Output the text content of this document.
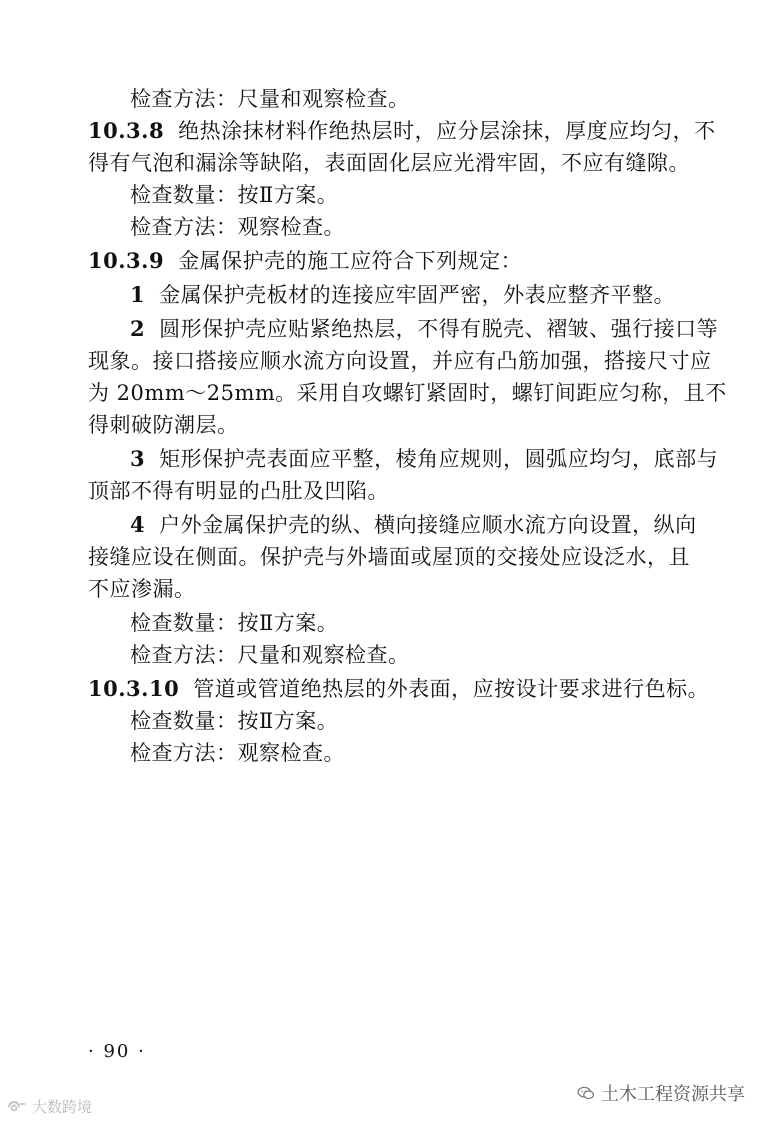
检查方法：尺量和观察检查。
10.3.8 绝热涂抹材料作绝热层时，应分层涂抹，厚度应均匀，不
得有气泡和漏涂等缺陷，表面固化层应光滑牢固，不应有缝隙。
检查数量：按Ⅱ方案。
检查方法：观察检查。
10.3.9 金属保护壳的施工应符合下列规定：
1 金属保护壳板材的连接应牢固严密，外表应整齐平整。
2 圆形保护壳应贴紧绝热层，不得有脱壳、褶皱、强行接口等
现象。接口搭接应顺水流方向设置，并应有凸筋加强，搭接尺寸应
为 20mm～25mm。采用自攻螺钉紧固时，螺钉间距应匀称，且不
得刺破防潮层。
3 矩形保护壳表面应平整，棱角应规则，圆弧应均匀，底部与
顶部不得有明显的凸肚及凹陷。
4 户外金属保护壳的纵、横向接缝应顺水流方向设置，纵向
接缝应设在侧面。保护壳与外墙面或屋顶的交接处应设泛水，且
不应渗漏。
检查数量：按Ⅱ方案。
检查方法：尺量和观察检查。
10.3.10 管道或管道绝热层的外表面，应按设计要求进行色标。
检查数量：按Ⅱ方案。
检查方法：观察检查。
· 90 ·
土木工程资源共享
大数跨境
